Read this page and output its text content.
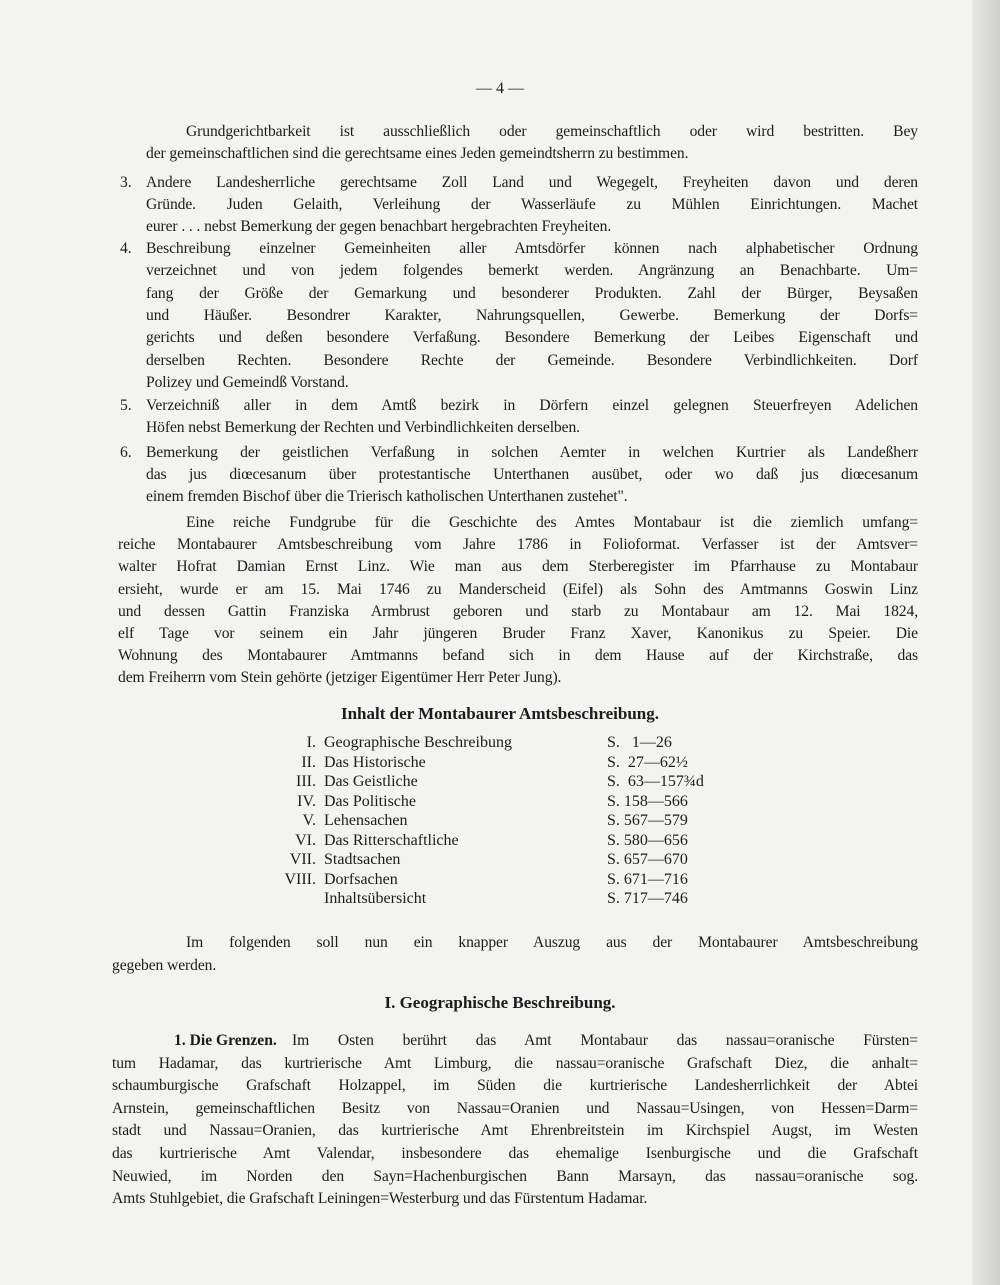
— 4 —
Grundgerichtbarkeit ist ausschließlich oder gemeinschaftlich oder wird bestritten. Bey
der gemeinschaftlichen sind die gerechtsame eines Jeden gemeindtsherrn zu bestimmen.
3. Andere Landesherrliche gerechtsame Zoll Land und Wegegelt, Freyheiten davon und deren
Gründe. Juden Gelaith, Verleihung der Wasserläufe zu Mühlen Einrichtungen. Machet
eurer . . . nebst Bemerkung der gegen benachbart hergebrachten Freyheiten.
4. Beschreibung einzelner Gemeinheiten aller Amtsdörfer können nach alphabetischer Ordnung
verzeichnet und von jedem folgendes bemerkt werden. Angränzung an Benachbarte. Um=
fang der Größe der Gemarkung und besonderer Produkten. Zahl der Bürger, Beysaßen
und Häußer. Besondrer Karakter, Nahrungsquellen, Gewerbe. Bemerkung der Dorfs=
gerichts und deßen besondere Verfaßung. Besondere Bemerkung der Leibes Eigenschaft und
derselben Rechten. Besondere Rechte der Gemeinde. Besondere Verbindlichkeiten. Dorf
Polizey und Gemeindß Vorstand.
5. Verzeichniß aller in dem Amtß bezirk in Dörfern einzel gelegnen Steuerfreyen Adelichen
Höfen nebst Bemerkung der Rechten und Verbindlichkeiten derselben.
6. Bemerkung der geistlichen Verfaßung in solchen Aemter in welchen Kurtrier als Landeßherr
das jus diœcesanum über protestantische Unterthanen ausübet, oder wo daß jus diœcesanum
einem fremden Bischof über die Trierisch katholischen Unterthanen zustehet".
Eine reiche Fundgrube für die Geschichte des Amtes Montabaur ist die ziemlich umfang=
reiche Montabaurer Amtsbeschreibung vom Jahre 1786 in Folioformat. Verfasser ist der Amtsver=
walter Hofrat Damian Ernst Linz. Wie man aus dem Sterberegister im Pfarrhause zu Montabaur
ersieht, wurde er am 15. Mai 1746 zu Manderscheid (Eifel) als Sohn des Amtmanns Goswin Linz
und dessen Gattin Franziska Armbrust geboren und starb zu Montabaur am 12. Mai 1824,
elf Tage vor seinem ein Jahr jüngeren Bruder Franz Xaver, Kanonikus zu Speier. Die
Wohnung des Montabaurer Amtmanns befand sich in dem Hause auf der Kirchstraße, das
dem Freiherrn vom Stein gehörte (jetziger Eigentümer Herr Peter Jung).
Inhalt der Montabaurer Amtsbeschreibung.
I. Geographische Beschreibung	S.   1—26
II. Das Historische	S.  27—62½
III. Das Geistliche	S.  63—157¾d
IV. Das Politische	S. 158—566
V. Lehensachen	S. 567—579
VI. Das Ritterschaftliche	S. 580—656
VII. Stadtsachen	S. 657—670
VIII. Dorfsachen	S. 671—716
Inhaltsübersicht	S. 717—746
Im folgenden soll nun ein knapper Auszug aus der Montabaurer Amtsbeschreibung
gegeben werden.
I. Geographische Beschreibung.
1. Die Grenzen. Im Osten berührt das Amt Montabaur das nassau=oranische Fürsten=
tum Hadamar, das kurtrierische Amt Limburg, die nassau=oranische Grafschaft Diez, die anhalt=
schaumburgische Grafschaft Holzappel, im Süden die kurtrierische Landesherrlichkeit der Abtei
Arnstein, gemeinschaftlichen Besitz von Nassau=Oranien und Nassau=Usingen, von Hessen=Darm=
stadt und Nassau=Oranien, das kurtrierische Amt Ehrenbreitstein im Kirchspiel Augst, im Westen
das kurtrierische Amt Valendar, insbesondere das ehemalige Isenburgische und die Grafschaft
Neuwied, im Norden den Sayn=Hachenburgischen Bann Marsayn, das nassau=oranische sog.
Amts Stuhlgebiet, die Grafschaft Leiningen=Westerburg und das Fürstentum Hadamar.
